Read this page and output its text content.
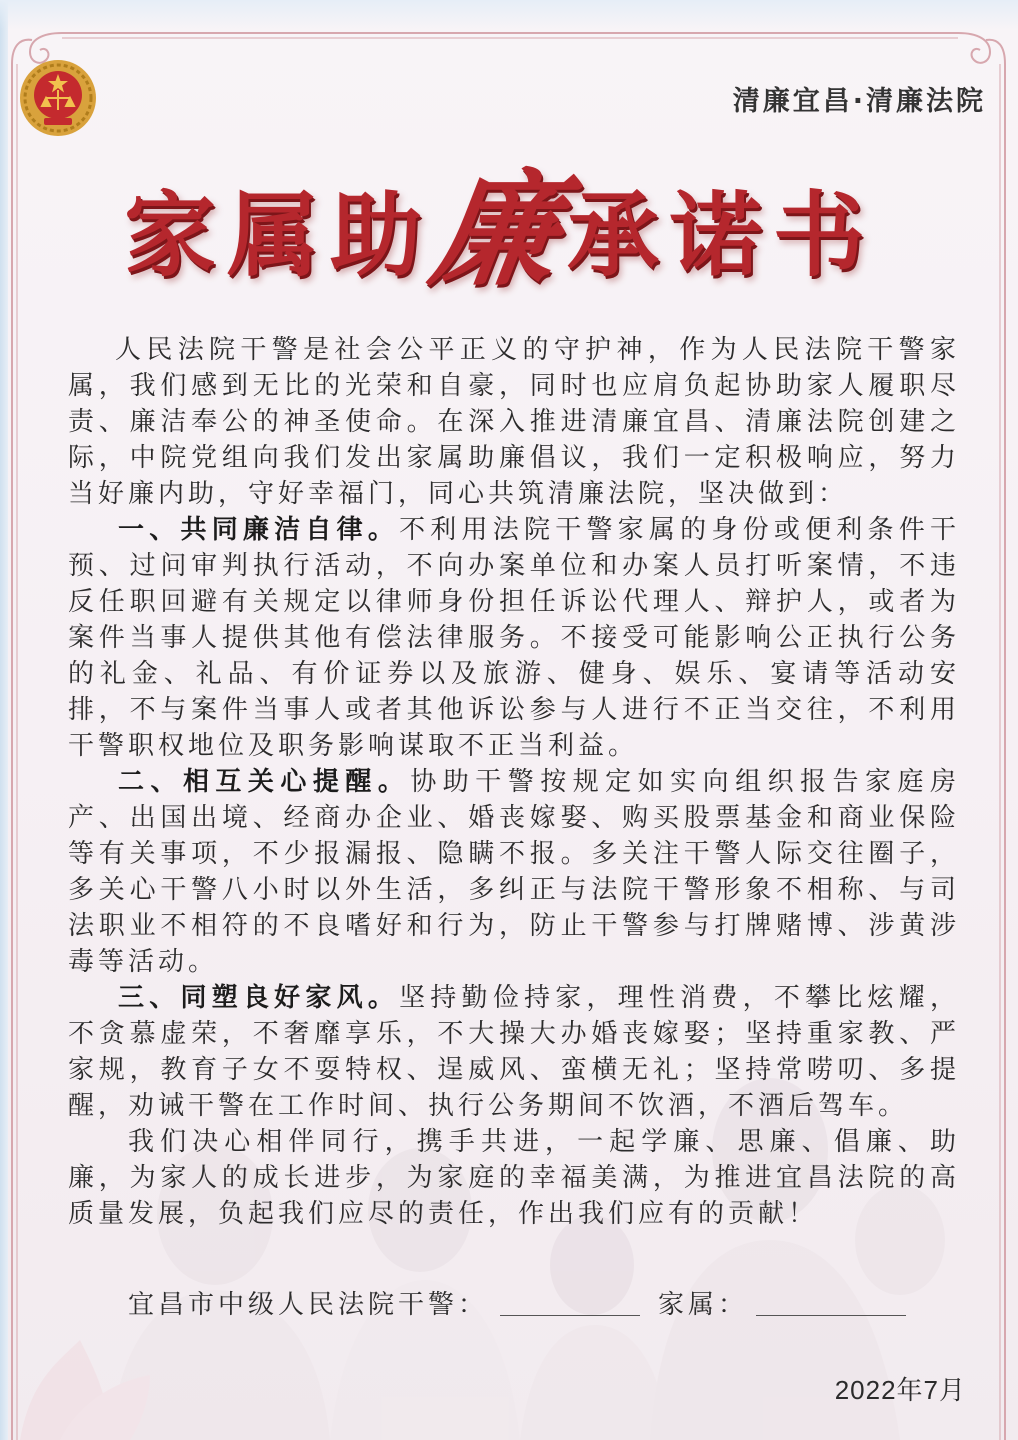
清廉宜昌·清廉法院
家属助
廉 承诺书
人民法院干警是社会公平正义的守护神，作为人民法院干警家
属，我们感到无比的光荣和自豪，同时也应肩负起协助家人履职尽
责、廉洁奉公的神圣使命。在深入推进清廉宜昌、清廉法院创建之
际，中院党组向我们发出家属助廉倡议，我们一定积极响应，努力
当好廉内助，守好幸福门，同心共筑清廉法院，坚决做到：
一、共同廉洁自律。不利用法院干警家属的身份或便利条件干
预、过问审判执行活动，不向办案单位和办案人员打听案情，不违
反任职回避有关规定以律师身份担任诉讼代理人、辩护人，或者为
案件当事人提供其他有偿法律服务。不接受可能影响公正执行公务
的礼金、礼品、有价证券以及旅游、健身、娱乐、宴请等活动安
排，不与案件当事人或者其他诉讼参与人进行不正当交往，不利用
干警职权地位及职务影响谋取不正当利益。
二、相互关心提醒。协助干警按规定如实向组织报告家庭房
产、出国出境、经商办企业、婚丧嫁娶、购买股票基金和商业保险
等有关事项，不少报漏报、隐瞒不报。多关注干警人际交往圈子，
多关心干警八小时以外生活，多纠正与法院干警形象不相称、与司
法职业不相符的不良嗜好和行为，防止干警参与打牌赌博、涉黄涉
毒等活动。
三、同塑良好家风。坚持勤俭持家，理性消费，不攀比炫耀，
不贪慕虚荣，不奢靡享乐，不大操大办婚丧嫁娶；坚持重家教、严
家规，教育子女不耍特权、逞威风、蛮横无礼；坚持常唠叨、多提
醒，劝诫干警在工作时间、执行公务期间不饮酒，不酒后驾车。
我们决心相伴同行，携手共进，一起学廉、思廉、倡廉、助
廉，为家人的成长进步，为家庭的幸福美满，为推进宜昌法院的高
质量发展，负起我们应尽的责任，作出我们应有的贡献！
宜昌市中级人民法院干警：	家属：
2022年7月
